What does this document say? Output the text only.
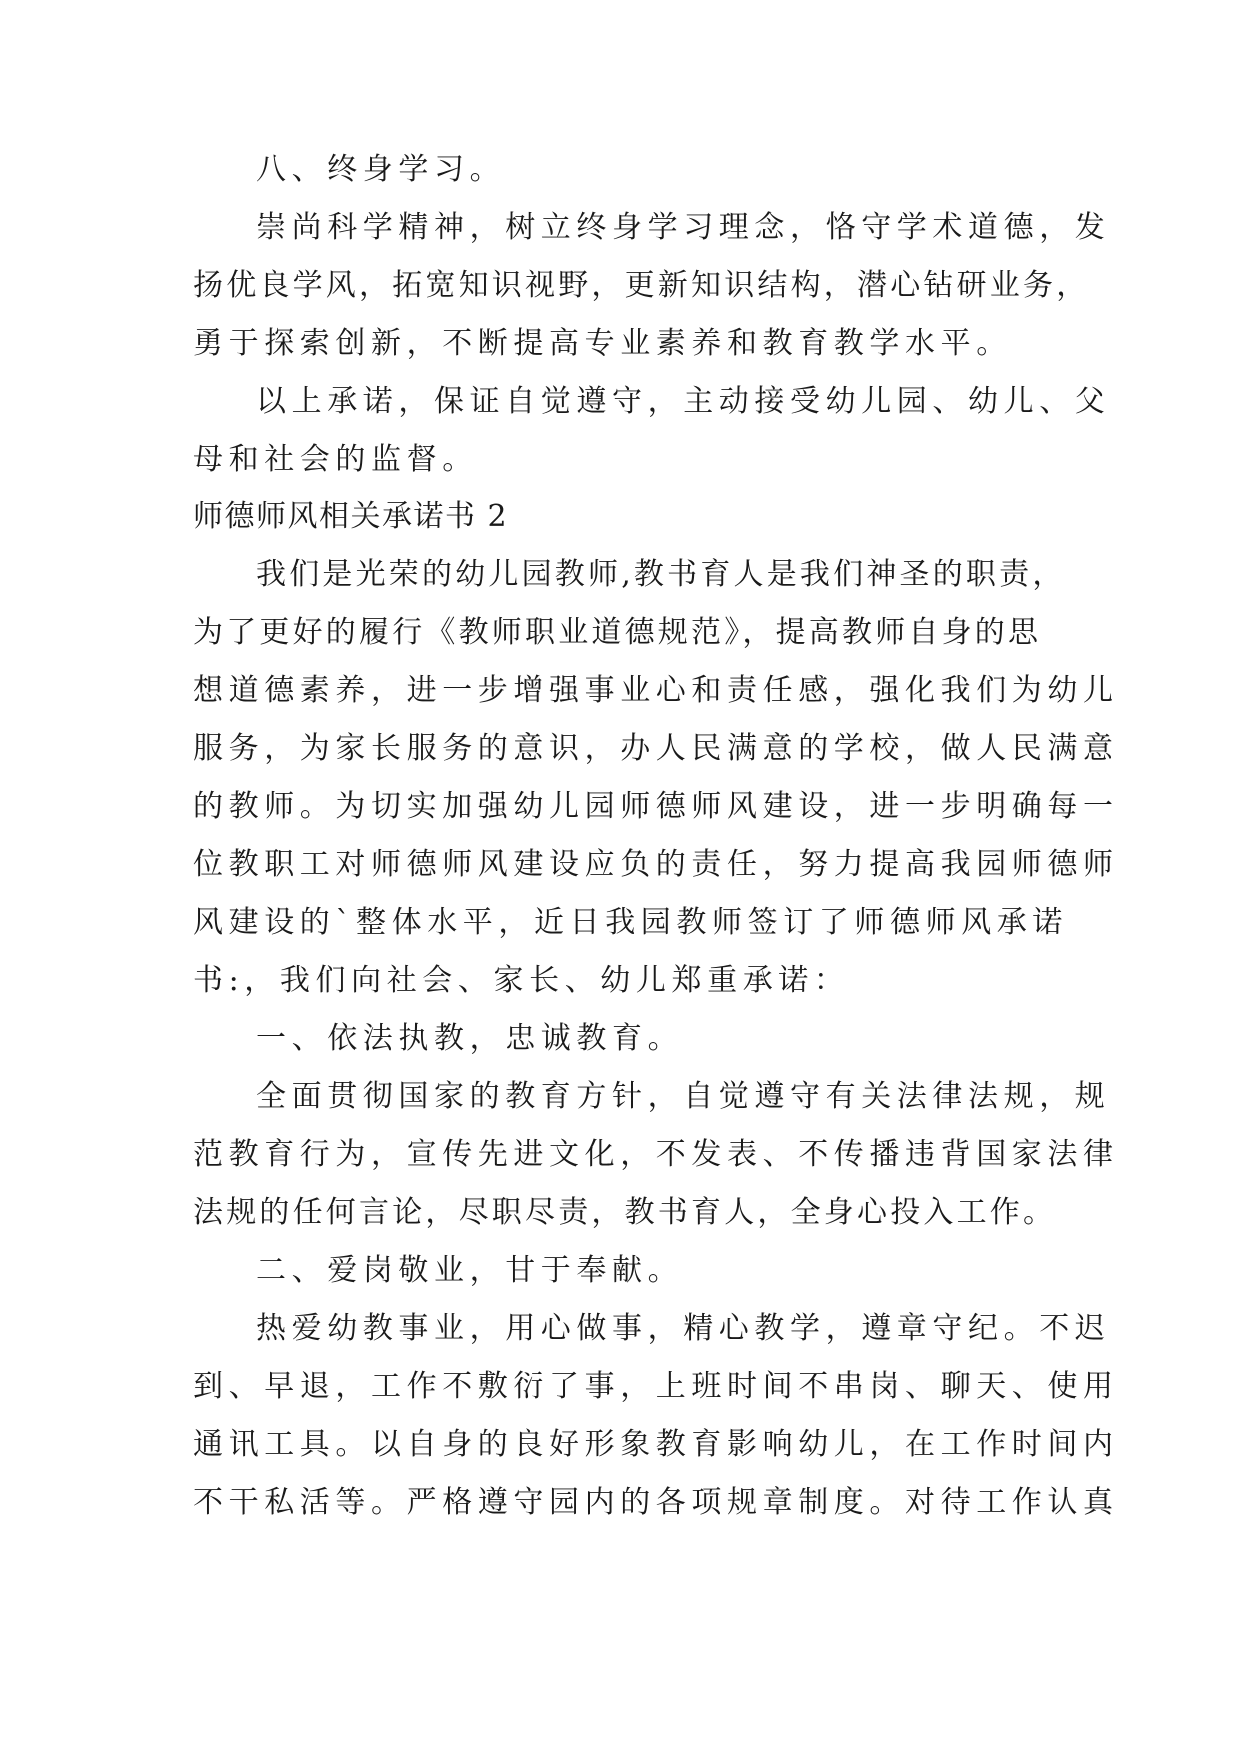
八、终身学习。
崇尚科学精神，树立终身学习理念，恪守学术道德，发
扬优良学风，拓宽知识视野，更新知识结构，潜心钻研业务，
勇于探索创新，不断提高专业素养和教育教学水平。
以上承诺，保证自觉遵守，主动接受幼儿园、幼儿、父
母和社会的监督。
师德师风相关承诺书 2
我们是光荣的幼儿园教师,教书育人是我们神圣的职责，
为了更好的履行《教师职业道德规范》，提高教师自身的思
想道德素养，进一步增强事业心和责任感，强化我们为幼儿
服务，为家长服务的意识，办人民满意的学校，做人民满意
的教师。为切实加强幼儿园师德师风建设，进一步明确每一
位教职工对师德师风建设应负的责任，努力提高我园师德师
风建设的`整体水平，近日我园教师签订了师德师风承诺
书:，我们向社会、家长、幼儿郑重承诺：
一、依法执教，忠诚教育。
全面贯彻国家的教育方针，自觉遵守有关法律法规，规
范教育行为，宣传先进文化，不发表、不传播违背国家法律
法规的任何言论，尽职尽责，教书育人，全身心投入工作。
二、爱岗敬业，甘于奉献。
热爱幼教事业，用心做事，精心教学，遵章守纪。不迟
到、早退，工作不敷衍了事，上班时间不串岗、聊天、使用
通讯工具。以自身的良好形象教育影响幼儿，在工作时间内
不干私活等。严格遵守园内的各项规章制度。对待工作认真
